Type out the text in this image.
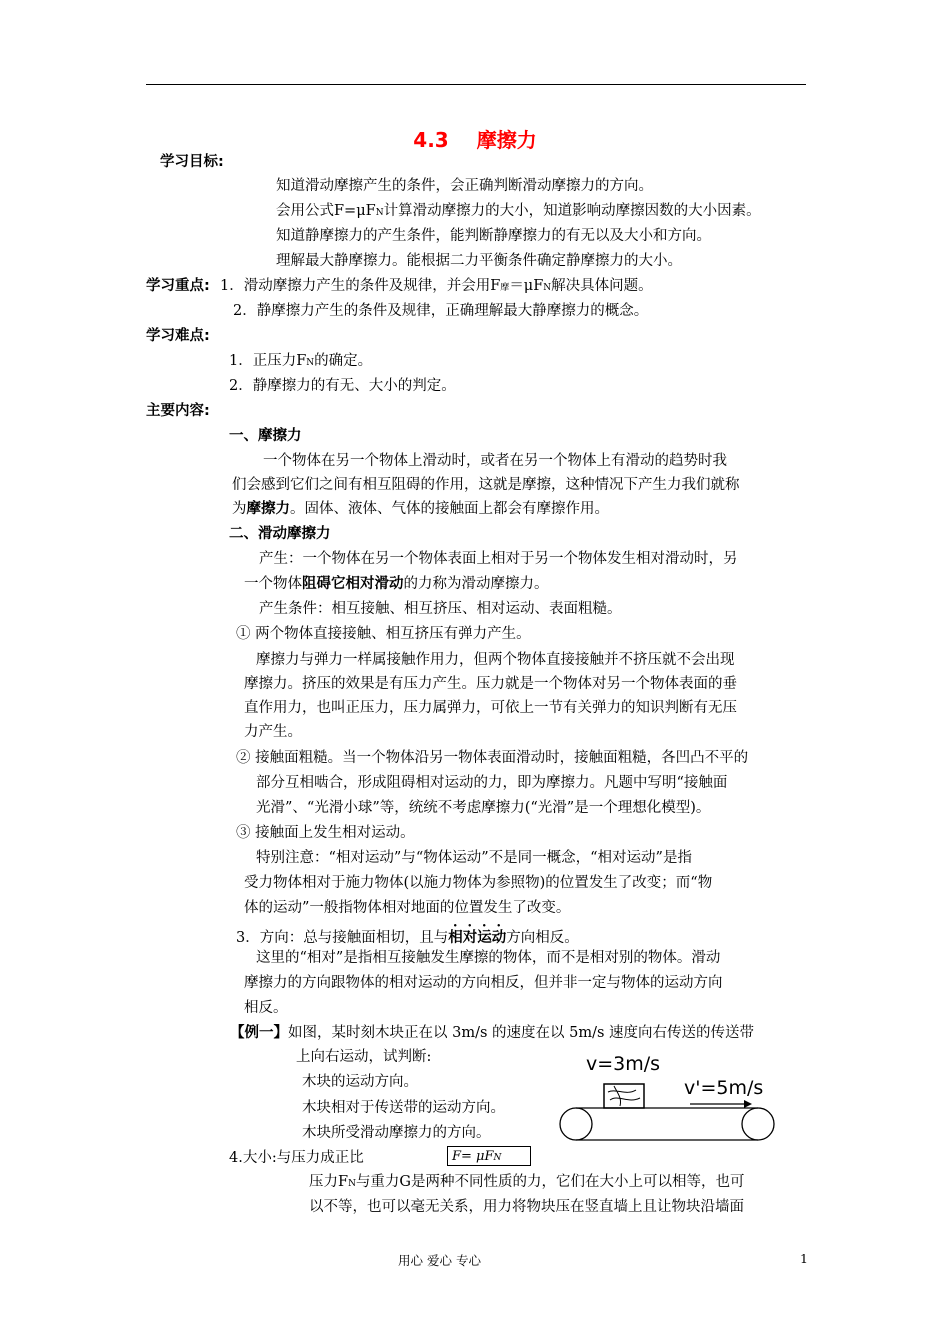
4.3 摩擦力
学习目标:
知道滑动摩擦产生的条件，会正确判断滑动摩擦力的方向。
会用公式F=μFN计算滑动摩擦力的大小，知道影响动摩擦因数的大小因素。
知道静摩擦力的产生条件，能判断静摩擦力的有无以及大小和方向。
理解最大静摩擦力。能根据二力平衡条件确定静摩擦力的大小。
学习重点: 1．滑动摩擦力产生的条件及规律，并会用F摩＝μFN解决具体问题。
2．静摩擦力产生的条件及规律，正确理解最大静摩擦力的概念。
学习难点:
1．正压力FN的确定。
2．静摩擦力的有无、大小的判定。
主要内容:
一、摩擦力
一个物体在另一个物体上滑动时，或者在另一个物体上有滑动的趋势时我
们会感到它们之间有相互阻碍的作用，这就是摩擦，这种情况下产生力我们就称
为摩擦力。固体、液体、气体的接触面上都会有摩擦作用。
二、滑动摩擦力
产生：一个物体在另一个物体表面上相对于另一个物体发生相对滑动时，另
一个物体阻碍它相对滑动的力称为滑动摩擦力。
产生条件：相互接触、相互挤压、相对运动、表面粗糙。
① 两个物体直接接触、相互挤压有弹力产生。
摩擦力与弹力一样属接触作用力，但两个物体直接接触并不挤压就不会出现
摩擦力。挤压的效果是有压力产生。压力就是一个物体对另一个物体表面的垂
直作用力，也叫正压力，压力属弹力，可依上一节有关弹力的知识判断有无压
力产生。
② 接触面粗糙。当一个物体沿另一物体表面滑动时，接触面粗糙，各凹凸不平的
部分互相啮合，形成阻碍相对运动的力，即为摩擦力。凡题中写明“接触面
光滑”、“光滑小球”等，统统不考虑摩擦力(“光滑”是一个理想化模型)。
③ 接触面上发生相对运动。
特别注意：“相对运动”与“物体运动”不是同一概念，“相对运动”是指
受力物体相对于施力物体(以施力物体为参照物)的位置发生了改变；而“物
体的运动”一般指物体相对地面的位置发生了改变。
3．方向：总与接触面相切，且与相对运动方向相反。
这里的“相对”是指相互接触发生摩擦的物体，而不是相对别的物体。滑动
摩擦力的方向跟物体的相对运动的方向相反，但并非一定与物体的运动方向
相反。
【例一】如图，某时刻木块正在以 3m/s 的速度在以 5m/s 速度向右传送的传送带
上向右运动，试判断:
木块的运动方向。
木块相对于传送带的运动方向。
木块所受滑动摩擦力的方向。
v=3m/s
v'=5m/s
4.大小:与压力成正比	F= μFN
压力FN与重力G是两种不同性质的力，它们在大小上可以相等，也可
以不等，也可以毫无关系，用力将物块压在竖直墙上且让物块沿墙面
用心 爱心 专心	1
